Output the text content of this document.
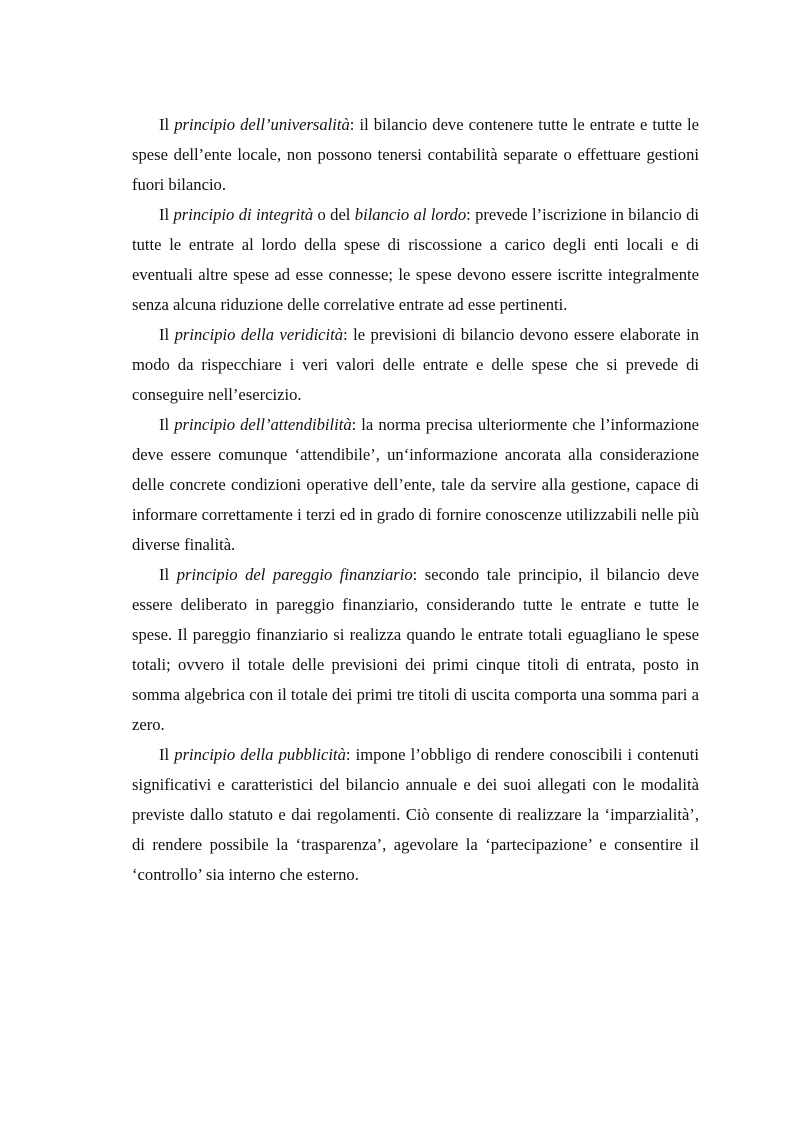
Il principio dell’universalità: il bilancio deve contenere tutte le entrate e tutte le spese dell’ente locale, non possono tenersi contabilità separate o effettuare gestioni fuori bilancio.

Il principio di integrità o del bilancio al lordo: prevede l’iscrizione in bilancio di tutte le entrate al lordo della spese di riscossione a carico degli enti locali e di eventuali altre spese ad esse connesse; le spese devono essere iscritte integralmente senza alcuna riduzione delle correlative entrate ad esse pertinenti.

Il principio della veridicità: le previsioni di bilancio devono essere elaborate in modo da rispecchiare i veri valori delle entrate e delle spese che si prevede di conseguire nell’esercizio.

Il principio dell’attendibilità: la norma precisa ulteriormente che l’informazione deve essere comunque ‘attendibile’, un‘informazione ancorata alla considerazione delle concrete condizioni operative dell’ente, tale da servire alla gestione, capace di informare correttamente i terzi ed in grado di fornire conoscenze utilizzabili nelle più diverse finalità.

Il principio del pareggio finanziario: secondo tale principio, il bilancio deve essere deliberato in pareggio finanziario, considerando tutte le entrate e tutte le spese. Il pareggio finanziario si realizza quando le entrate totali eguagliano le spese totali; ovvero il totale delle previsioni dei primi cinque titoli di entrata, posto in somma algebrica con il totale dei primi tre titoli di uscita comporta una somma pari a zero.

Il principio della pubblicità: impone l’obbligo di rendere conoscibili i contenuti significativi e caratteristici del bilancio annuale e dei suoi allegati con le modalità previste dallo statuto e dai regolamenti. Ciò consente di realizzare la ‘imparzialità’, di rendere possibile la ‘trasparenza’, agevolare la ‘partecipazione’ e consentire il ‘controllo’ sia interno che esterno.
